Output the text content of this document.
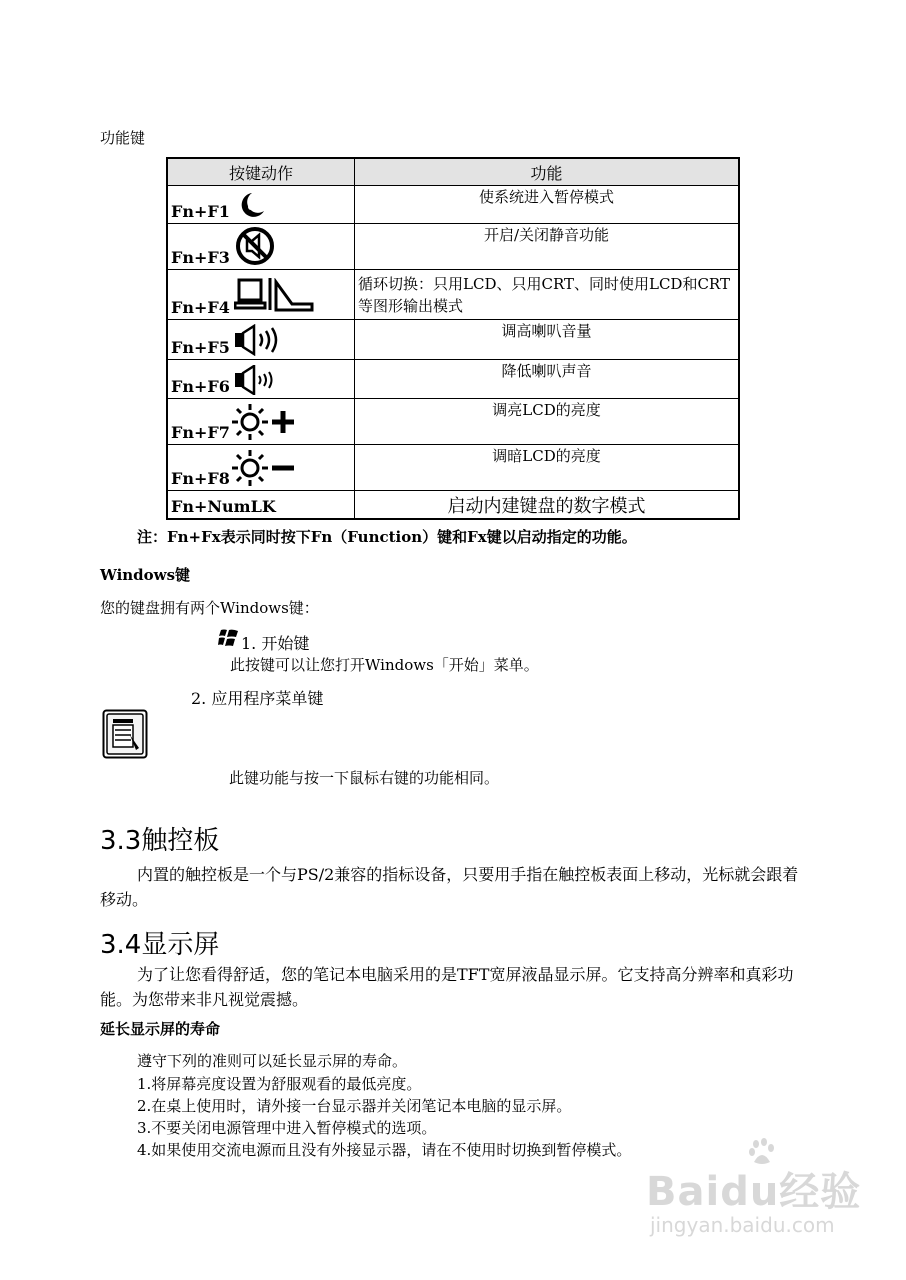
功能键
按键动作	功能

Fn+F1	使系统进入暂停模式

Fn+F3	开启/关闭静音功能

Fn+F4	循环切换：只用LCD、只用CRT、同时使用LCD和CRT等图形输出模式

Fn+F5	调高喇叭音量

Fn+F6	降低喇叭声音

Fn+F7	调亮LCD的亮度

Fn+F8	调暗LCD的亮度

Fn+NumLK	启动内建键盘的数字模式
注：Fn+Fx表示同时按下Fn（Function）键和Fx键以启动指定的功能。
Windows键
您的键盘拥有两个Windows键：
1. 开始键
此按键可以让您打开Windows「开始」菜单。
2. 应用程序菜单键
此键功能与按一下鼠标右键的功能相同。
3.3触控板
内置的触控板是一个与PS/2兼容的指标设备，只要用手指在触控板表面上移动，光标就会跟着移动。
3.4显示屏
为了让您看得舒适，您的笔记本电脑采用的是TFT宽屏液晶显示屏。它支持高分辨率和真彩功能。为您带来非凡视觉震撼。
延长显示屏的寿命
遵守下列的准则可以延长显示屏的寿命。
1.将屏幕亮度设置为舒服观看的最低亮度。
2.在桌上使用时，请外接一台显示器并关闭笔记本电脑的显示屏。
3.不要关闭电源管理中进入暂停模式的选项。
4.如果使用交流电源而且没有外接显示器，请在不使用时切换到暂停模式。
Baidu经验
jingyan.baidu.com
